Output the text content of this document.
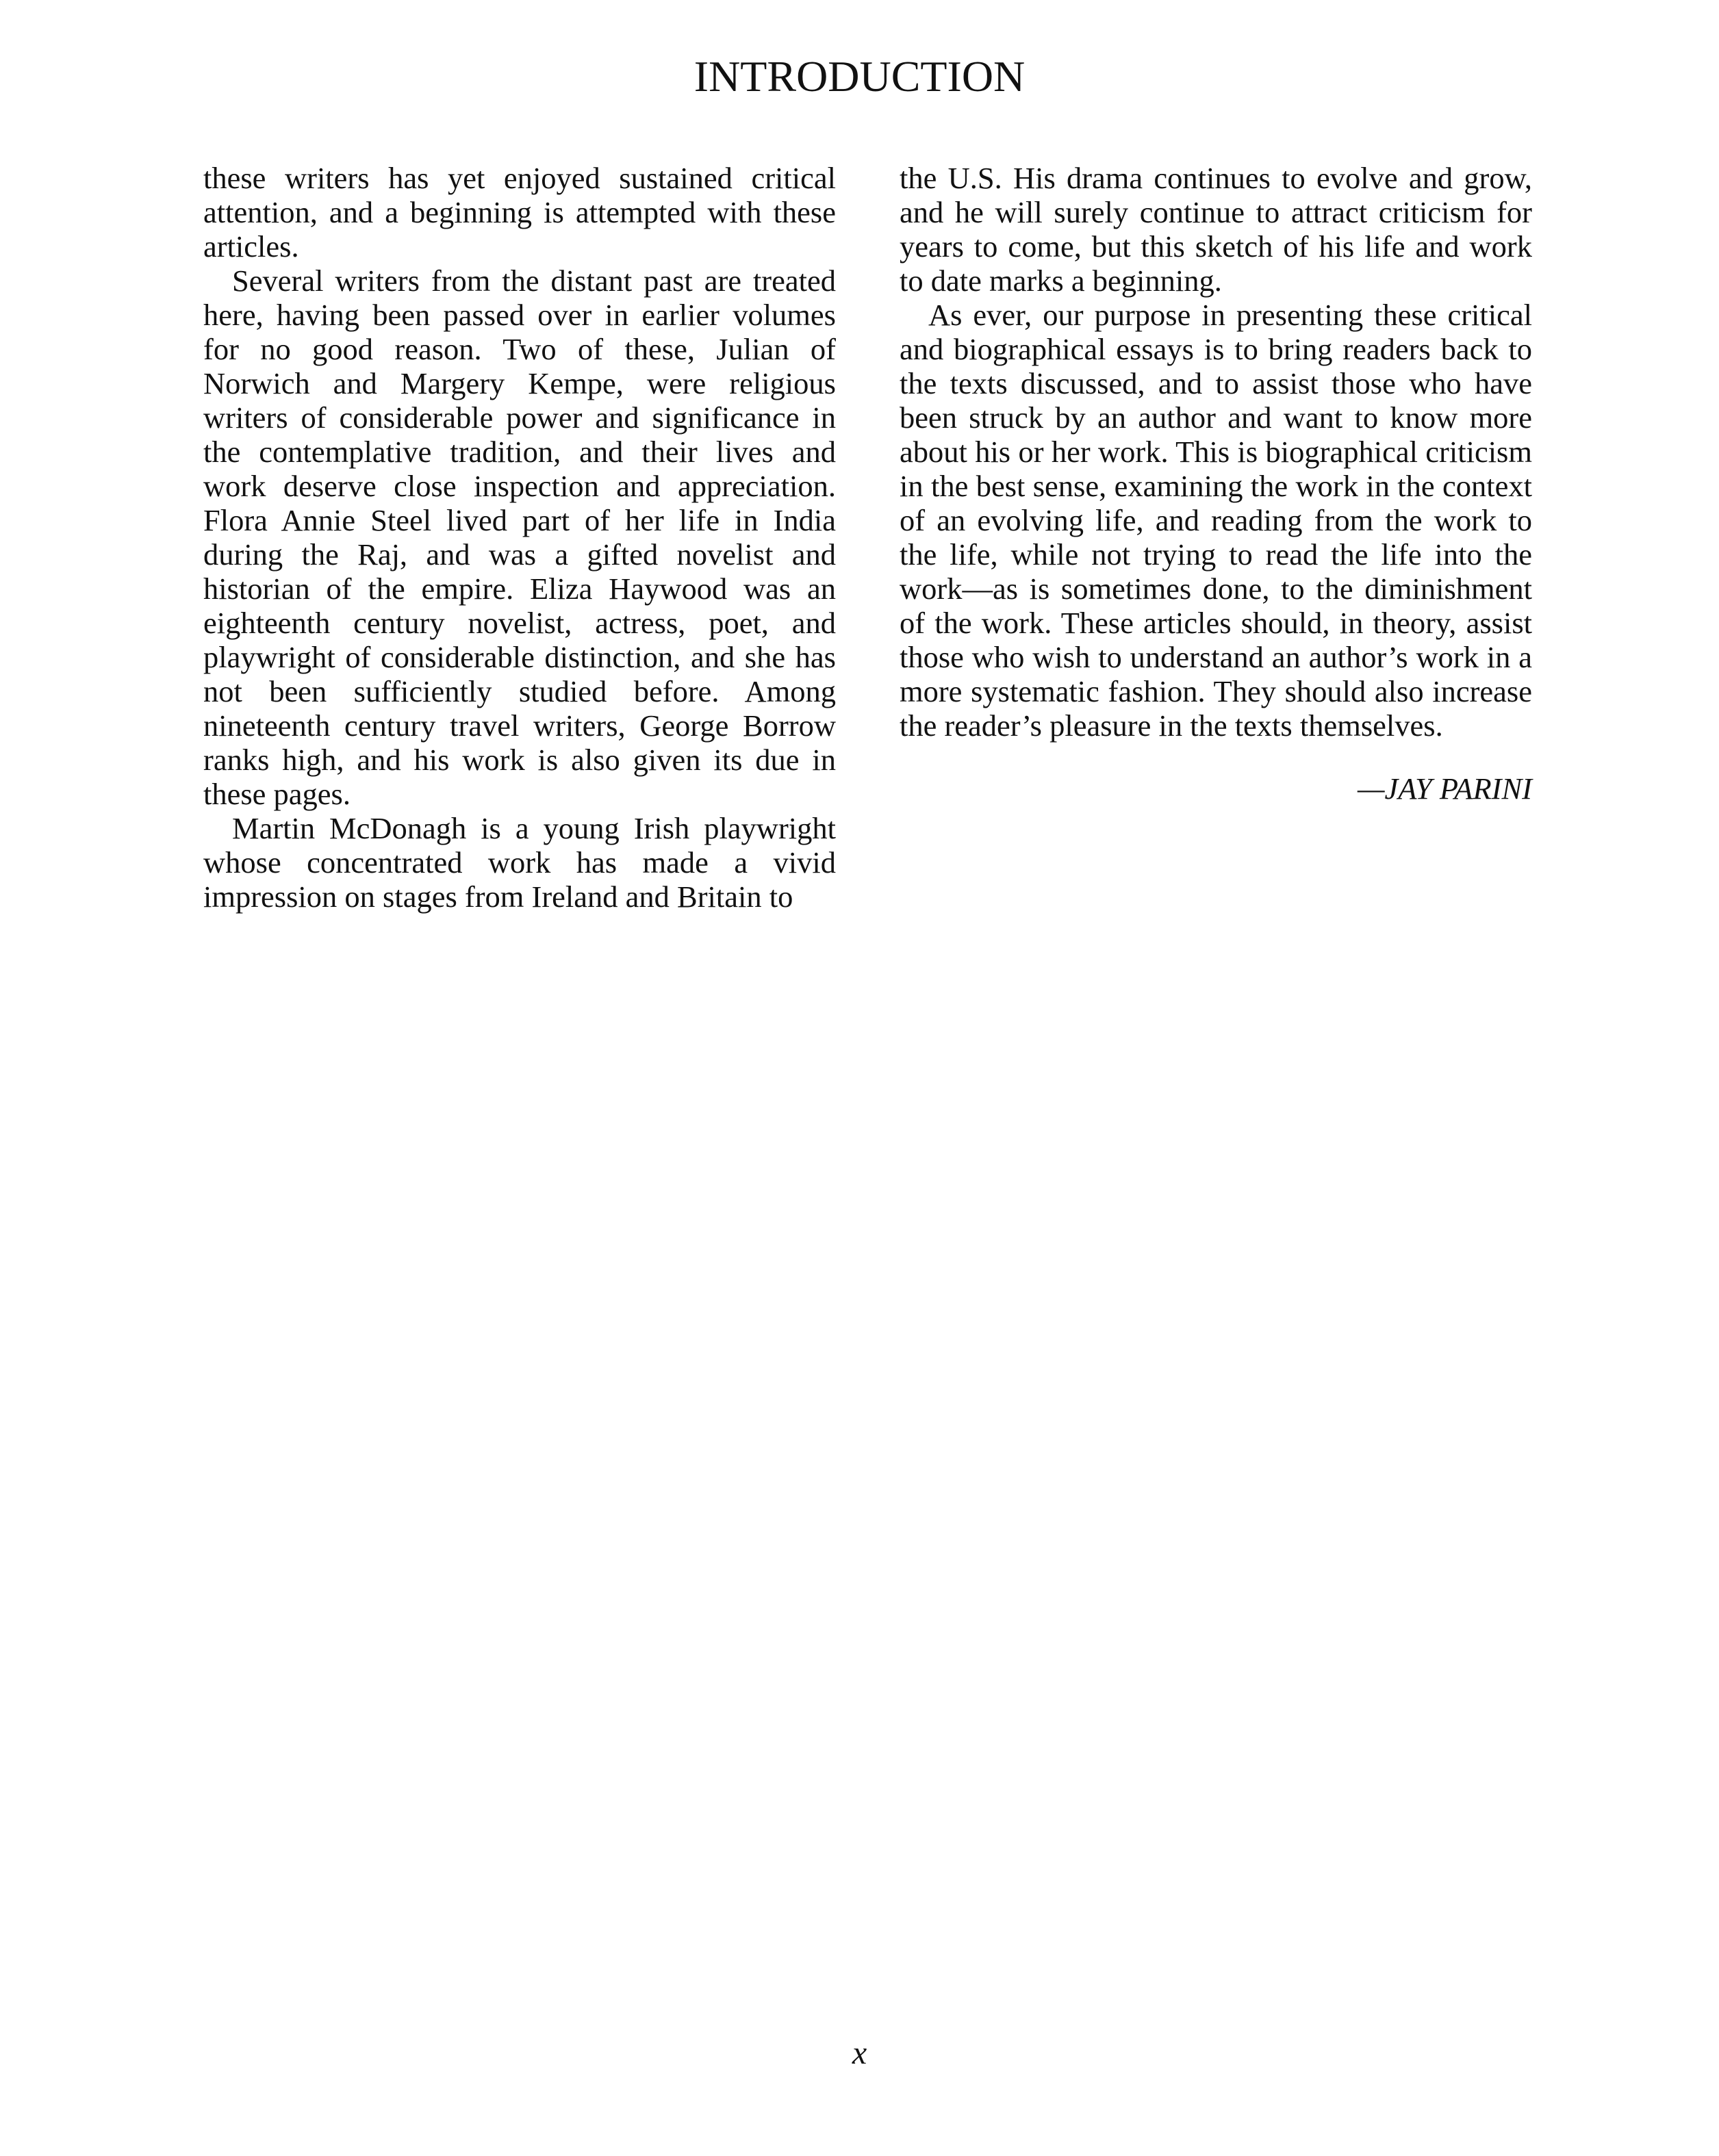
INTRODUCTION

these writers has yet enjoyed sustained critical attention, and a beginning is attempted with these articles.

Several writers from the distant past are treated here, having been passed over in earlier volumes for no good reason. Two of these, Julian of Norwich and Margery Kempe, were religious writers of considerable power and significance in the contemplative tradition, and their lives and work deserve close inspection and appreciation. Flora Annie Steel lived part of her life in India during the Raj, and was a gifted novelist and historian of the empire. Eliza Haywood was an eighteenth century novelist, actress, poet, and playwright of considerable distinction, and she has not been sufficiently studied before. Among nineteenth century travel writers, George Borrow ranks high, and his work is also given its due in these pages.

Martin McDonagh is a young Irish playwright whose concentrated work has made a vivid impression on stages from Ireland and Britain to

the U.S. His drama continues to evolve and grow, and he will surely continue to attract criticism for years to come, but this sketch of his life and work to date marks a beginning.

As ever, our purpose in presenting these critical and biographical essays is to bring readers back to the texts discussed, and to assist those who have been struck by an author and want to know more about his or her work. This is biographical criticism in the best sense, examining the work in the context of an evolving life, and reading from the work to the life, while not trying to read the life into the work—as is sometimes done, to the diminishment of the work. These articles should, in theory, assist those who wish to understand an author’s work in a more systematic fashion. They should also increase the reader’s pleasure in the texts themselves.

—JAY PARINI

x
